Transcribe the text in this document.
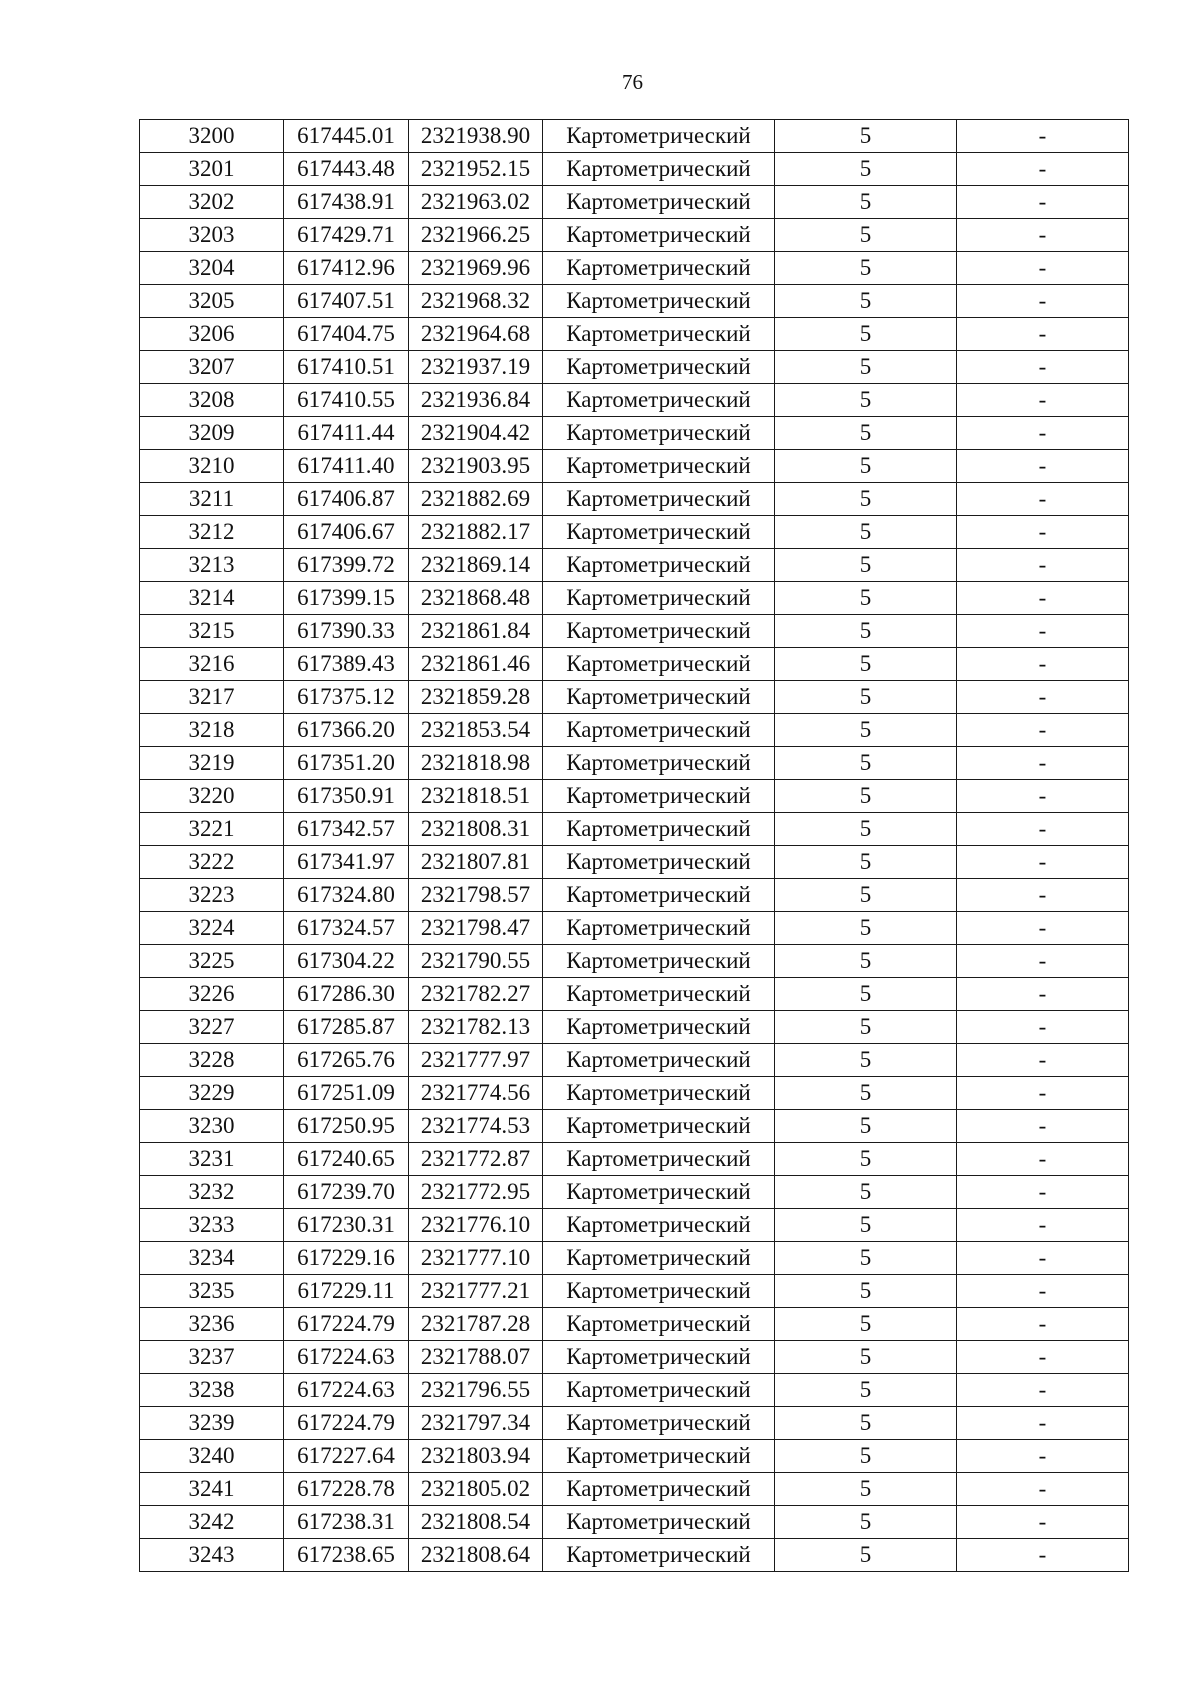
76
3200	617445.01	2321938.90	Картометрический	5	-
3201	617443.48	2321952.15	Картометрический	5	-
3202	617438.91	2321963.02	Картометрический	5	-
3203	617429.71	2321966.25	Картометрический	5	-
3204	617412.96	2321969.96	Картометрический	5	-
3205	617407.51	2321968.32	Картометрический	5	-
3206	617404.75	2321964.68	Картометрический	5	-
3207	617410.51	2321937.19	Картометрический	5	-
3208	617410.55	2321936.84	Картометрический	5	-
3209	617411.44	2321904.42	Картометрический	5	-
3210	617411.40	2321903.95	Картометрический	5	-
3211	617406.87	2321882.69	Картометрический	5	-
3212	617406.67	2321882.17	Картометрический	5	-
3213	617399.72	2321869.14	Картометрический	5	-
3214	617399.15	2321868.48	Картометрический	5	-
3215	617390.33	2321861.84	Картометрический	5	-
3216	617389.43	2321861.46	Картометрический	5	-
3217	617375.12	2321859.28	Картометрический	5	-
3218	617366.20	2321853.54	Картометрический	5	-
3219	617351.20	2321818.98	Картометрический	5	-
3220	617350.91	2321818.51	Картометрический	5	-
3221	617342.57	2321808.31	Картометрический	5	-
3222	617341.97	2321807.81	Картометрический	5	-
3223	617324.80	2321798.57	Картометрический	5	-
3224	617324.57	2321798.47	Картометрический	5	-
3225	617304.22	2321790.55	Картометрический	5	-
3226	617286.30	2321782.27	Картометрический	5	-
3227	617285.87	2321782.13	Картометрический	5	-
3228	617265.76	2321777.97	Картометрический	5	-
3229	617251.09	2321774.56	Картометрический	5	-
3230	617250.95	2321774.53	Картометрический	5	-
3231	617240.65	2321772.87	Картометрический	5	-
3232	617239.70	2321772.95	Картометрический	5	-
3233	617230.31	2321776.10	Картометрический	5	-
3234	617229.16	2321777.10	Картометрический	5	-
3235	617229.11	2321777.21	Картометрический	5	-
3236	617224.79	2321787.28	Картометрический	5	-
3237	617224.63	2321788.07	Картометрический	5	-
3238	617224.63	2321796.55	Картометрический	5	-
3239	617224.79	2321797.34	Картометрический	5	-
3240	617227.64	2321803.94	Картометрический	5	-
3241	617228.78	2321805.02	Картометрический	5	-
3242	617238.31	2321808.54	Картометрический	5	-
3243	617238.65	2321808.64	Картометрический	5	-
